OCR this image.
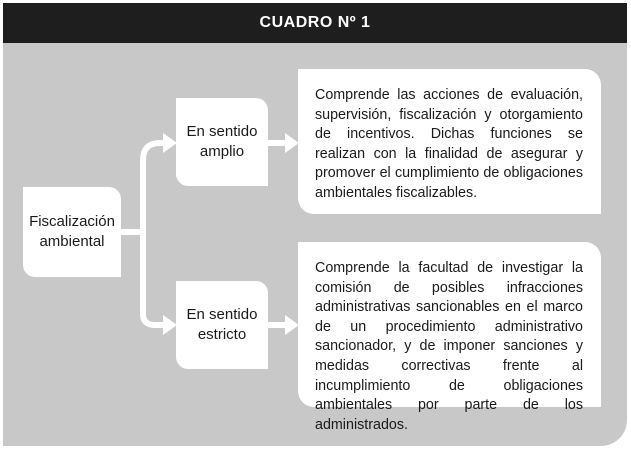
CUADRO Nº 1
Fiscalización
ambiental
En sentido
amplio
En sentido
estricto
Comprende las acciones de evaluación, supervisión, fiscalización y otorgamiento de incentivos. Dichas funciones se realizan con la finalidad de asegurar y promover el cumplimiento de obligaciones ambientales fiscalizables.
Comprende la facultad de investigar la comisión de posibles infracciones administrativas sancionables en el marco de un procedimiento administrativo sancionador, y de imponer sanciones y medidas correctivas frente al incumplimiento de obligaciones ambientales por parte de los administrados.
